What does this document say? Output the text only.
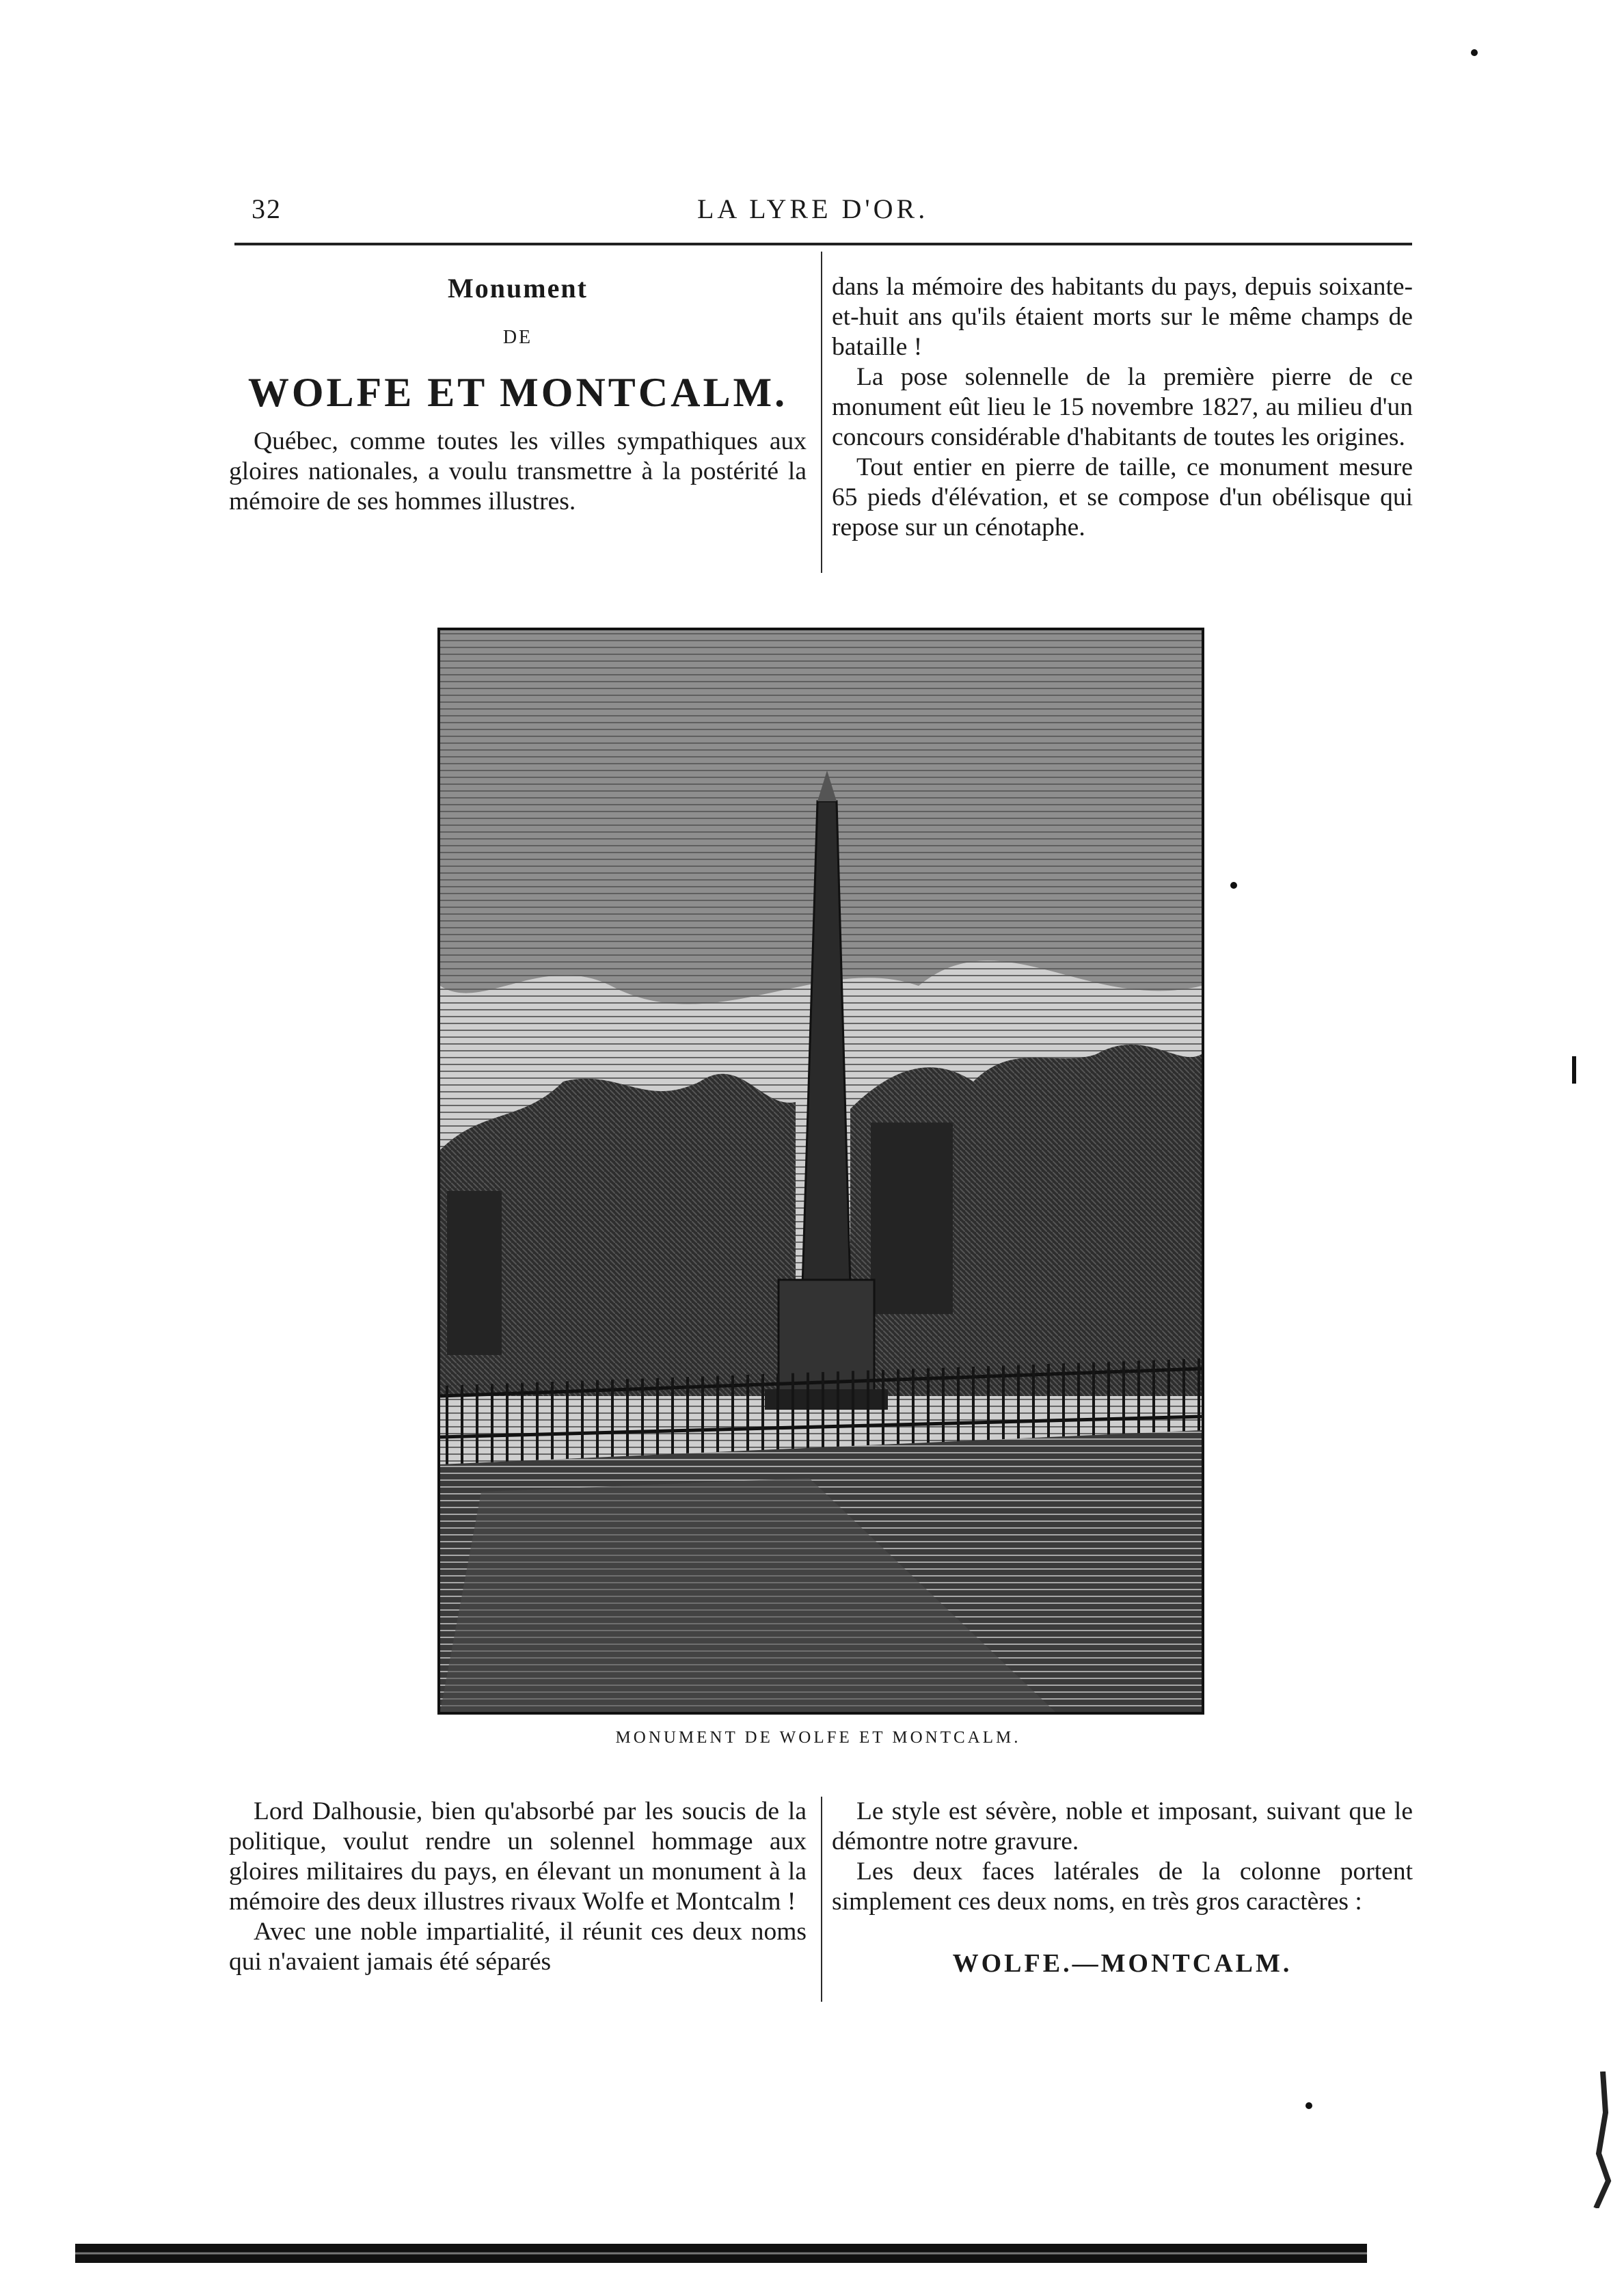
32	LA LYRE D'OR.
Monument
DE
WOLFE ET MONTCALM.

Québec, comme toutes les villes sympathiques aux gloires nationales, a voulu transmettre à la postérité la mémoire de ses hommes illustres.

dans la mémoire des habitants du pays, depuis soixante-et-huit ans qu'ils étaient morts sur le même champs de bataille !

La pose solennelle de la première pierre de ce monument eût lieu le 15 novembre 1827, au milieu d'un concours considérable d'habitants de toutes les origines.

Tout entier en pierre de taille, ce monument mesure 65 pieds d'élévation, et se compose d'un obélisque qui repose sur un cénotaphe.

MONUMENT DE WOLFE ET MONTCALM.

Lord Dalhousie, bien qu'absorbé par les soucis de la politique, voulut rendre un solennel hommage aux gloires militaires du pays, en élevant un monument à la mémoire des deux illustres rivaux Wolfe et Montcalm !

Avec une noble impartialité, il réunit ces deux noms qui n'avaient jamais été séparés

Le style est sévère, noble et imposant, suivant que le démontre notre gravure.

Les deux faces latérales de la colonne portent simplement ces deux noms, en très gros caractères :

WOLFE.—MONTCALM.
